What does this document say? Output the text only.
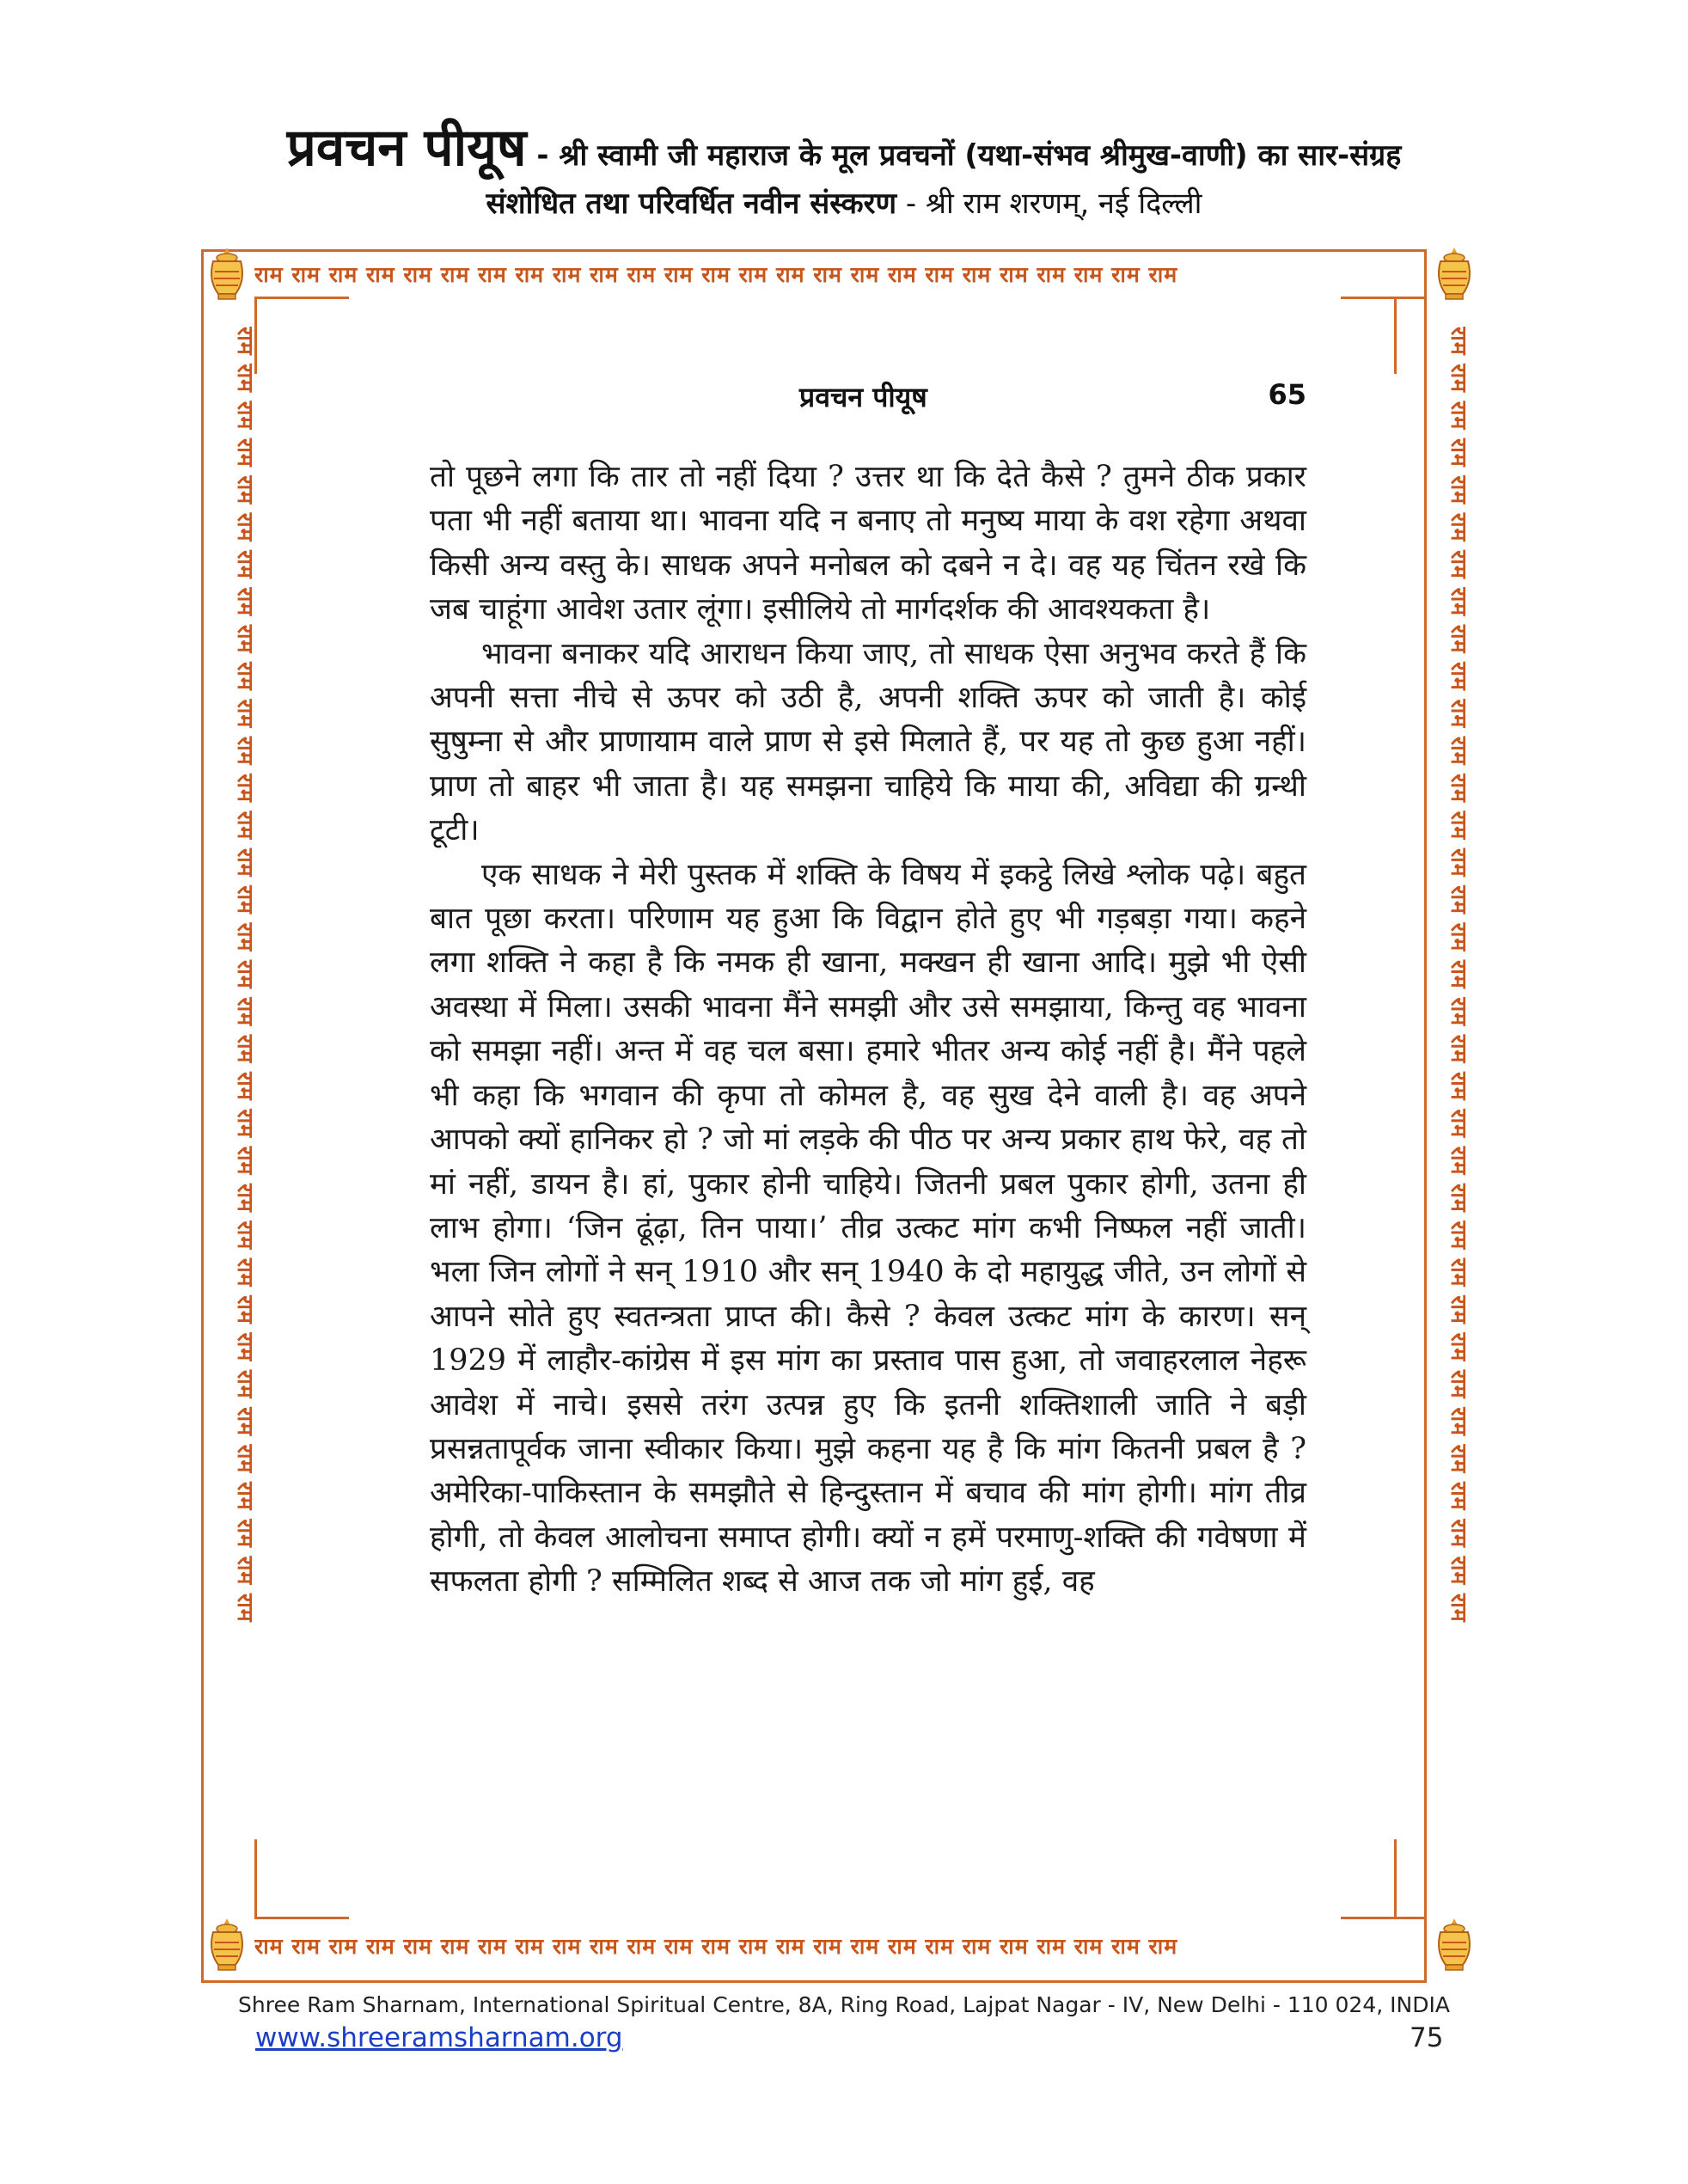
प्रवचन पीयूष - श्री स्वामी जी महाराज के मूल प्रवचनों (यथा-संभव श्रीमुख-वाणी) का सार-संग्रह
संशोधित तथा परिवर्धित नवीन संस्करण - श्री राम शरणम्, नई दिल्ली
राम राम राम राम राम राम राम राम राम राम राम राम राम राम राम राम राम राम राम राम राम राम राम राम राम
राम राम राम राम राम राम राम राम राम राम राम राम राम राम राम राम राम राम राम राम राम राम राम राम राम
राम राम राम राम राम राम राम राम राम राम राम राम राम राम राम राम राम राम राम राम राम राम राम राम राम राम राम राम राम राम राम राम राम राम राम	राम राम राम राम राम राम राम राम राम राम राम राम राम राम राम राम राम राम राम राम राम राम राम राम राम राम राम राम राम राम राम राम राम राम राम
प्रवचन पीयूष	65

तो पूछने लगा कि तार तो नहीं दिया ? उत्तर था कि देते कैसे ? तुमने ठीक प्रकार पता भी नहीं बताया था। भावना यदि न बनाए तो मनुष्य माया के वश रहेगा अथवा किसी अन्य वस्तु के। साधक अपने मनोबल को दबने न दे। वह यह चिंतन रखे कि जब चाहूंगा आवेश उतार लूंगा। इसीलिये तो मार्गदर्शक की आवश्यकता है।

भावना बनाकर यदि आराधन किया जाए, तो साधक ऐसा अनुभव करते हैं कि अपनी सत्ता नीचे से ऊपर को उठी है, अपनी शक्ति ऊपर को जाती है। कोई सुषुम्ना से और प्राणायाम वाले प्राण से इसे मिलाते हैं, पर यह तो कुछ हुआ नहीं। प्राण तो बाहर भी जाता है। यह समझना चाहिये कि माया की, अविद्या की ग्रन्थी टूटी।

एक साधक ने मेरी पुस्तक में शक्ति के विषय में इकट्ठे लिखे श्लोक पढ़े। बहुत बात पूछा करता। परिणाम यह हुआ कि विद्वान होते हुए भी गड़बड़ा गया। कहने लगा शक्ति ने कहा है कि नमक ही खाना, मक्खन ही खाना आदि। मुझे भी ऐसी अवस्था में मिला। उसकी भावना मैंने समझी और उसे समझाया, किन्तु वह भावना को समझा नहीं। अन्त में वह चल बसा। हमारे भीतर अन्य कोई नहीं है। मैंने पहले भी कहा कि भगवान की कृपा तो कोमल है, वह सुख देने वाली है। वह अपने आपको क्यों हानिकर हो ? जो मां लड़के की पीठ पर अन्य प्रकार हाथ फेरे, वह तो मां नहीं, डायन है। हां, पुकार होनी चाहिये। जितनी प्रबल पुकार होगी, उतना ही लाभ होगा। ‘जिन ढूंढ़ा, तिन पाया।’ तीव्र उत्कट मांग कभी निष्फल नहीं जाती। भला जिन लोगों ने सन् 1910 और सन् 1940 के दो महायुद्ध जीते, उन लोगों से आपने सोते हुए स्वतन्त्रता प्राप्त की। कैसे ? केवल उत्कट मांग के कारण। सन् 1929 में लाहौर-कांग्रेस में इस मांग का प्रस्ताव पास हुआ, तो जवाहरलाल नेहरू आवेश में नाचे। इससे तरंग उत्पन्न हुए कि इतनी शक्तिशाली जाति ने बड़ी प्रसन्नतापूर्वक जाना स्वीकार किया। मुझे कहना यह है कि मांग कितनी प्रबल है ? अमेरिका-पाकिस्तान के समझौते से हिन्दुस्तान में बचाव की मांग होगी। मांग तीव्र होगी, तो केवल आलोचना समाप्त होगी। क्यों न हमें परमाणु-शक्ति की गवेषणा में सफलता होगी ? सम्मिलित शब्द से आज तक जो मांग हुई, वह

Shree Ram Sharnam, International Spiritual Centre, 8A, Ring Road, Lajpat Nagar - IV, New Delhi - 110 024, INDIA
www.shreeramsharnam.org	75
